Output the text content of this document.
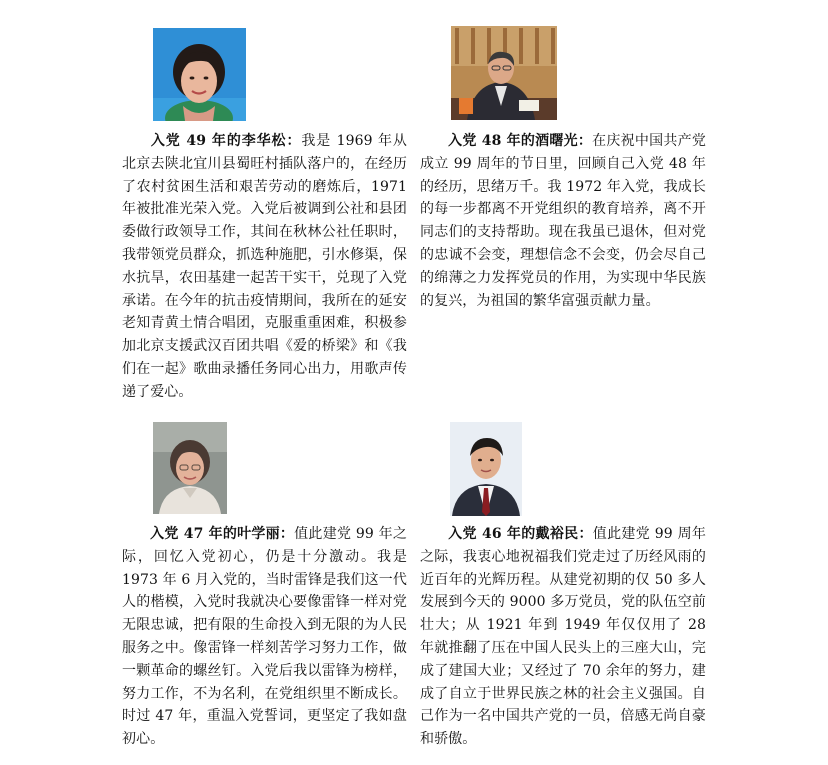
入党 49 年的李华松：我是 1969 年从北京去陕北宜川县蜀旺村插队落户的，在经历了农村贫困生活和艰苦劳动的磨炼后，1971 年被批准光荣入党。入党后被调到公社和县团委做行政领导工作，其间在秋林公社任职时，我带领党员群众，抓选种施肥，引水修渠，保水抗旱，农田基建一起苦干实干，兑现了入党承诺。在今年的抗击疫情期间，我所在的延安老知青黄土情合唱团，克服重重困难，积极参加北京支援武汉百团共唱《爱的桥梁》和《我们在一起》歌曲录播任务同心出力，用歌声传递了爱心。
入党 48 年的酒曙光：在庆祝中国共产党成立 99 周年的节日里，回顾自己入党 48 年的经历，思绪万千。我 1972 年入党，我成长的每一步都离不开党组织的教育培养，离不开同志们的支持帮助。现在我虽已退休，但对党的忠诚不会变，理想信念不会变，仍会尽自己的绵薄之力发挥党员的作用，为实现中华民族的复兴，为祖国的繁华富强贡献力量。
入党 47 年的叶学丽：值此建党 99 年之际，回忆入党初心，仍是十分激动。我是 1973 年 6 月入党的，当时雷锋是我们这一代人的楷模，入党时我就决心要像雷锋一样对党无限忠诚，把有限的生命投入到无限的为人民服务之中。像雷锋一样刻苦学习努力工作，做一颗革命的螺丝钉。入党后我以雷锋为榜样，努力工作，不为名利，在党组织里不断成长。时过 47 年，重温入党誓词，更坚定了我如盘初心。
入党 46 年的戴裕民：值此建党 99 周年之际，我衷心地祝福我们党走过了历经风雨的近百年的光辉历程。从建党初期的仅 50 多人发展到今天的 9000 多万党员，党的队伍空前壮大；从 1921 年到 1949 年仅仅用了 28 年就推翻了压在中国人民头上的三座大山，完成了建国大业；又经过了 70 余年的努力，建成了自立于世界民族之林的社会主义强国。自己作为一名中国共产党的一员，倍感无尚自豪和骄傲。
